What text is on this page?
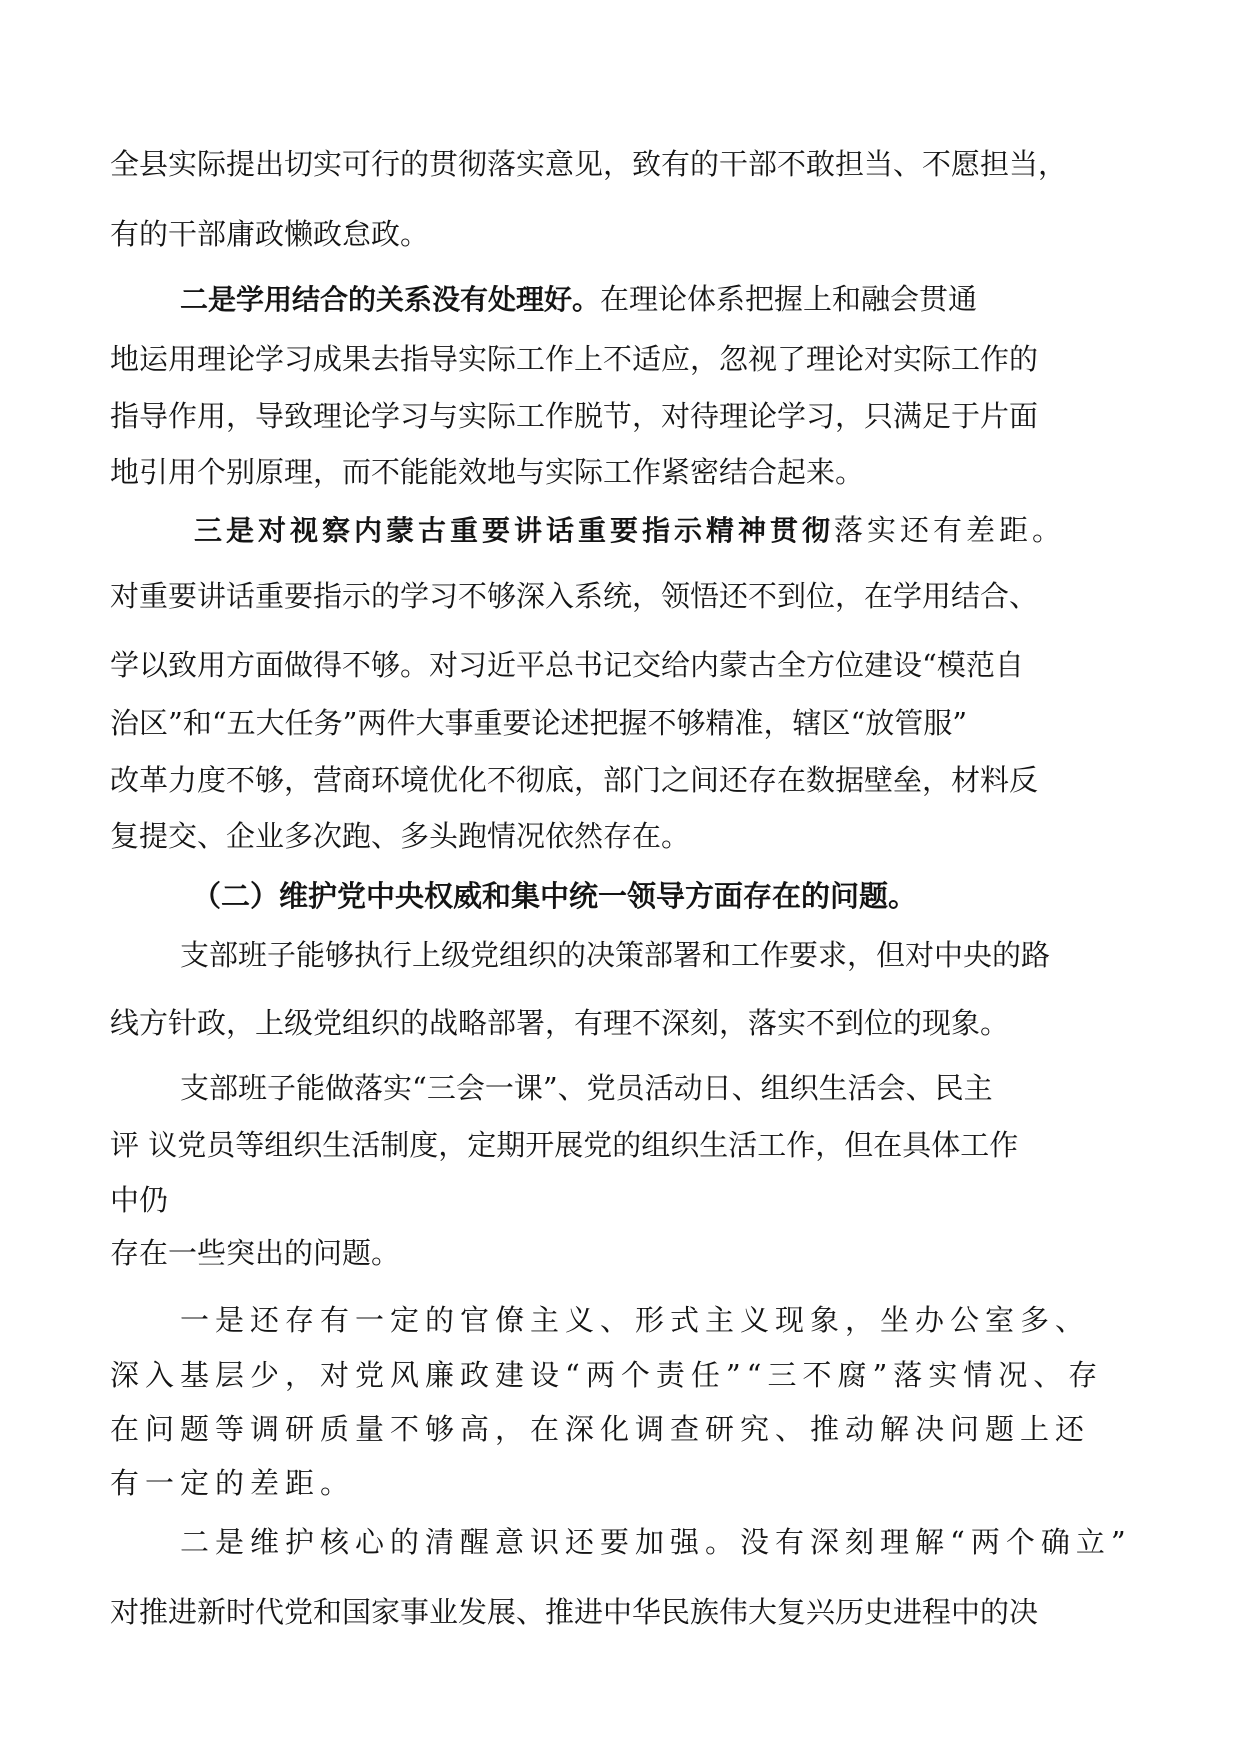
全县实际提出切实可行的贯彻落实意见，致有的干部不敢担当、不愿担当，
有的干部庸政懒政怠政。
二是学用结合的关系没有处理好。在理论体系把握上和融会贯通
地运用理论学习成果去指导实际工作上不适应，忽视了理论对实际工作的
指导作用，导致理论学习与实际工作脱节，对待理论学习，只满足于片面
地引用个别原理，而不能能效地与实际工作紧密结合起来。
三是对视察内蒙古重要讲话重要指示精神贯彻落实还有差距。
对重要讲话重要指示的学习不够深入系统，领悟还不到位，在学用结合、
学以致用方面做得不够。对习近平总书记交给内蒙古全方位建设“模范自
治区”和“五大任务”两件大事重要论述把握不够精准，辖区“放管服”
改革力度不够，营商环境优化不彻底，部门之间还存在数据壁垒，材料反
复提交、企业多次跑、多头跑情况依然存在。
（二）维护党中央权威和集中统一领导方面存在的问题。
支部班子能够执行上级党组织的决策部署和工作要求，但对中央的路
线方针政，上级党组织的战略部署，有理不深刻，落实不到位的现象。
支部班子能做落实“三会一课”、党员活动日、组织生活会、民主
评 议党员等组织生活制度，定期开展党的组织生活工作，但在具体工作
中仍
存在一些突出的问题。
一是还存有一定的官僚主义、形式主义现象，坐办公室多、
深入基层少，对党风廉政建设“两个责任”“三不腐”落实情况、存
在问题等调研质量不够高，在深化调查研究、推动解决问题上还
有一定的差距。
二是维护核心的清醒意识还要加强。没有深刻理解“两个确立”
对推进新时代党和国家事业发展、推进中华民族伟大复兴历史进程中的决
